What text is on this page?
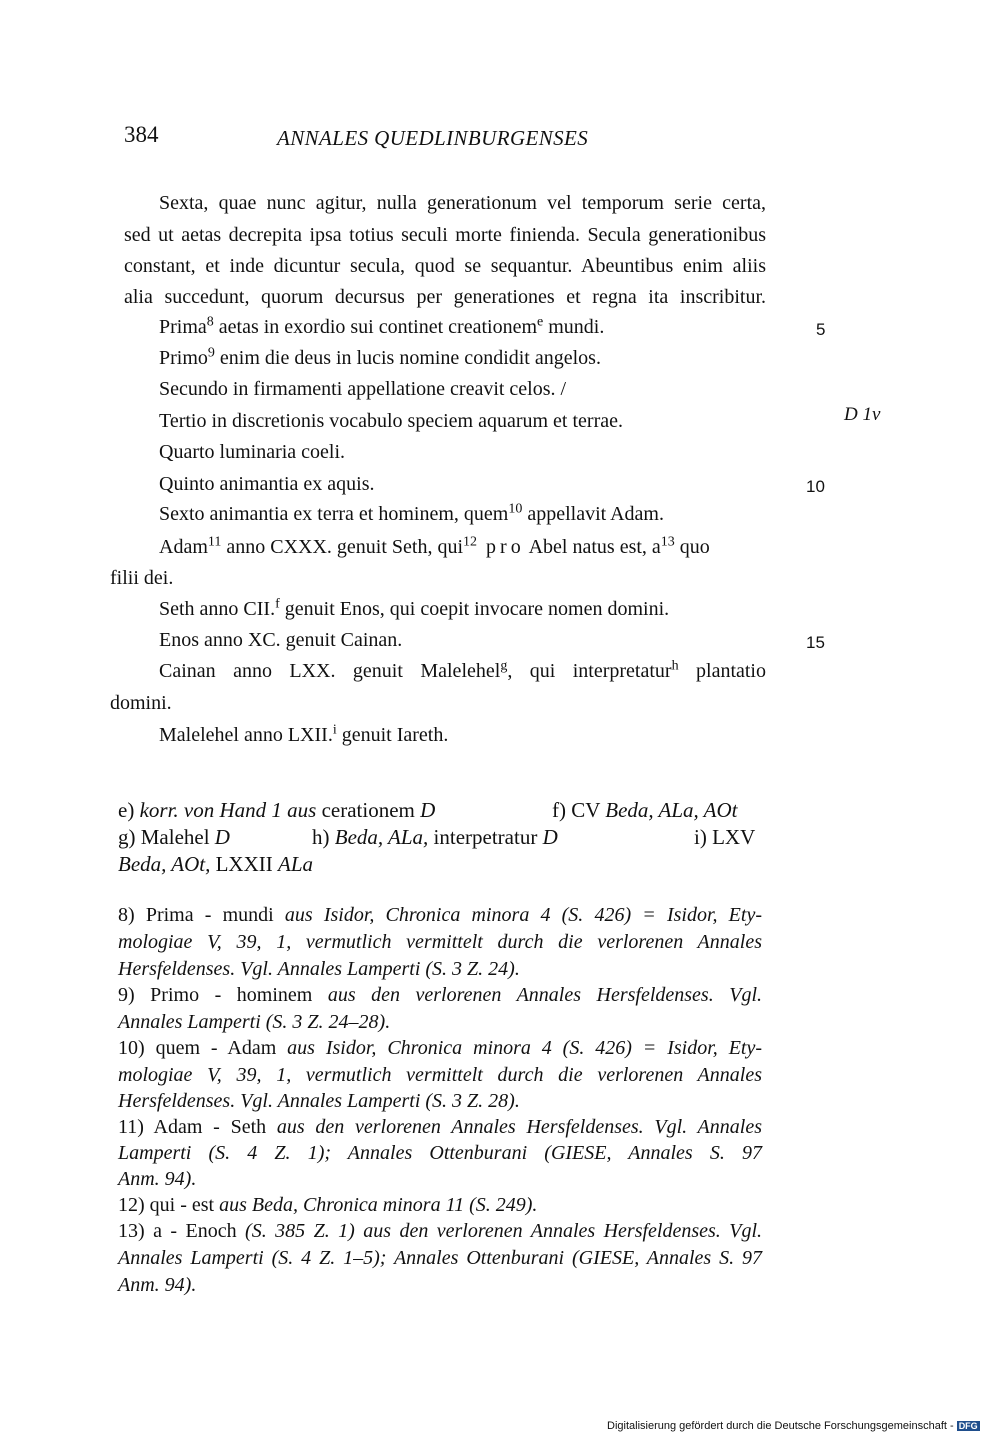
384	ANNALES QUEDLINBURGENSES
Sexta, quae nunc agitur, nulla generationum vel temporum serie certa,
sed ut aetas decrepita ipsa totius seculi morte finienda. Secula generationibus
constant, et inde dicuntur secula, quod se sequantur. Abeuntibus enim aliis
alia succedunt, quorum decursus per generationes et regna ita inscribitur.
Prima$^8$ aetas in exordio sui continet creationem$^e$ mundi.
Primo$^9$ enim die deus in lucis nomine condidit angelos.
Secundo in firmamenti appellatione creavit celos. /
Tertio in discretionis vocabulo speciem aquarum et terrae.
Quarto luminaria coeli.
Quinto animantia ex aquis.
Sexto animantia ex terra et hominem, quem$^{10}$ appellavit Adam.
Adam$^{11}$ anno CXXX. genuit Seth, qui$^{12}$ pro Abel natus est, $a^{13}$ quo
filii dei.
Seth anno CII.$^f$ genuit Enos, qui coepit invocare nomen domini.
Enos anno XC. genuit Cainan.
Cainan anno LXX. genuit Malelehel$^g$, qui interpretatur$^h$ plantatio
domini.
Malelehel anno LXII.$^i$ genuit Iareth.
5
10
15
D 1v
e) korr. von Hand 1 aus cerationem D	f) CV Beda, ALa, AOt
g) Malehel D	h) Beda, ALa, interpetratur D	i) LXV
Beda, AOt, LXXII ALa
8) Prima - mundi aus Isidor, Chronica minora 4 (S. 426) = Isidor, Ety-
mologiae V, 39, 1, vermutlich vermittelt durch die verlorenen Annales
Hersfeldenses. Vgl. Annales Lamperti (S. 3 Z. 24).
9) Primo - hominem aus den verlorenen Annales Hersfeldenses. Vgl.
Annales Lamperti (S. 3 Z. 24–28).
10) quem - Adam aus Isidor, Chronica minora 4 (S. 426) = Isidor, Ety-
mologiae V, 39, 1, vermutlich vermittelt durch die verlorenen Annales
Hersfeldenses. Vgl. Annales Lamperti (S. 3 Z. 28).
11) Adam - Seth aus den verlorenen Annales Hersfeldenses. Vgl. Annales
Lamperti (S. 4 Z. 1); Annales Ottenburani (GIESE, Annales S. 97
Anm. 94).
12) qui - est aus Beda, Chronica minora 11 (S. 249).
13) a - Enoch (S. 385 Z. 1) aus den verlorenen Annales Hersfeldenses. Vgl.
Annales Lamperti (S. 4 Z. 1–5); Annales Ottenburani (GIESE, Annales S. 97
Anm. 94).
Digitalisierung gefördert durch die Deutsche Forschungsgemeinschaft - DFG
